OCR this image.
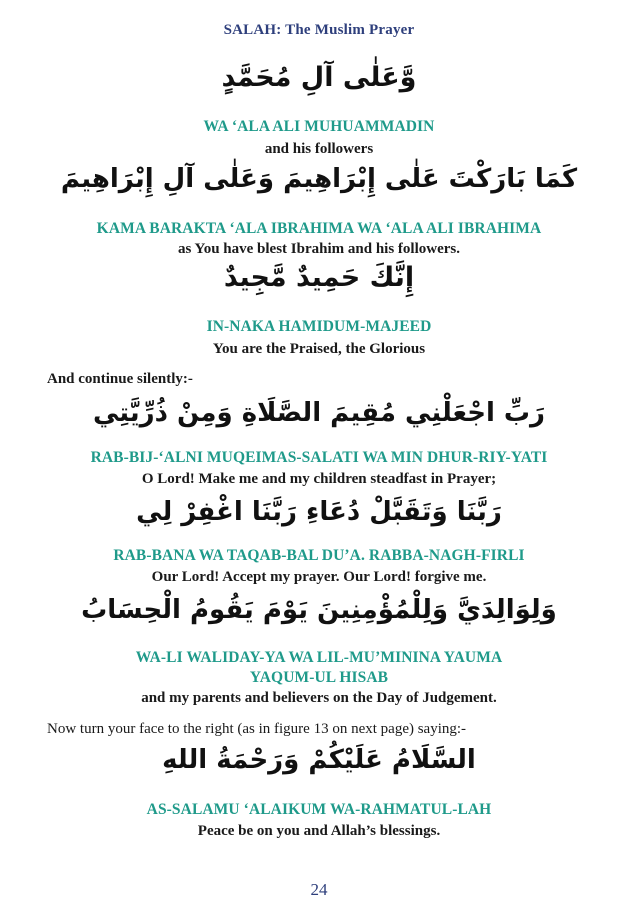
SALAH: The Muslim Prayer
وَّعَلٰى آلِ مُحَمَّدٍ
WA ‘ALA ALI MUHUAMMADIN
and his followers
كَمَا بَارَكْتَ عَلٰى إِبْرَاهِيمَ وَعَلٰى آلِ إِبْرَاهِيمَ
KAMA BARAKTA ‘ALA IBRAHIMA WA ‘ALA ALI IBRAHIMA
as You have blest Ibrahim and his followers.
إِنَّكَ حَمِيدٌ مَّجِيدٌ
IN-NAKA HAMIDUM-MAJEED
You are the Praised, the Glorious
And continue silently:-
رَبِّ اجْعَلْنِي مُقِيمَ الصَّلَاةِ وَمِنْ ذُرِّيَّتِي
RAB-BIJ-‘ALNI MUQEIMAS-SALATI WA MIN DHUR-RIY-YATI
O Lord! Make me and my children steadfast in Prayer;
رَبَّنَا وَتَقَبَّلْ دُعَاءِ رَبَّنَا اغْفِرْ لِي
RAB-BANA WA TAQAB-BAL DU’A. RABBA-NAGH-FIRLI
Our Lord! Accept my prayer. Our Lord! forgive me.
وَلِوَالِدَيَّ وَلِلْمُؤْمِنِينَ يَوْمَ يَقُومُ الْحِسَابُ
WA-LI WALIDAY-YA WA LIL-MU’MININA YAUMA
YAQUM-UL HISAB
and my parents and believers on the Day of Judgement.
Now turn your face to the right (as in figure 13 on next page) saying:-
السَّلَامُ عَلَيْكُمْ وَرَحْمَةُ اللهِ
AS-SALAMU ‘ALAIKUM WA-RAHMATUL-LAH
Peace be on you and Allah’s blessings.
24
